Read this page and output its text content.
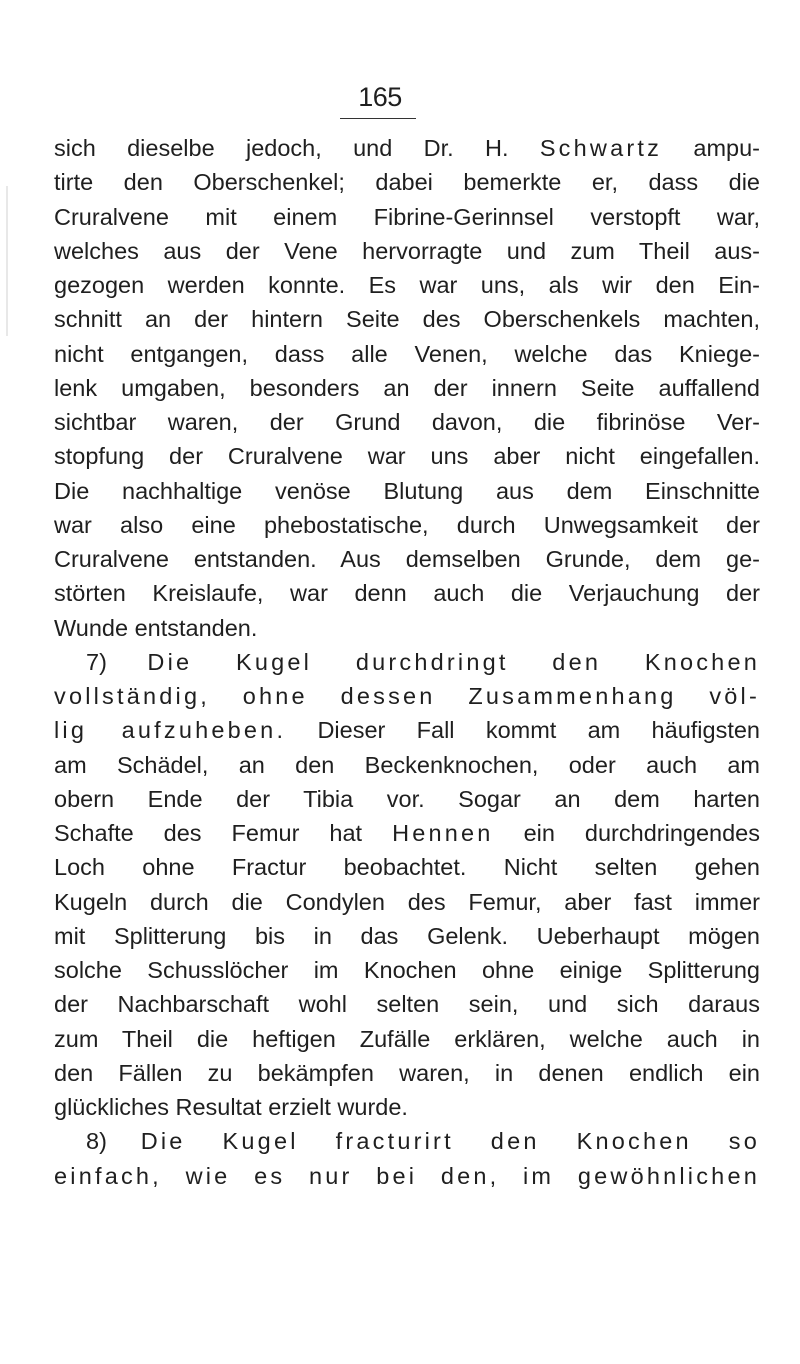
165
sich dieselbe jedoch, und Dr. H. Schwartz ampu-
tirte den Oberschenkel; dabei bemerkte er, dass die
Cruralvene mit einem Fibrine-Gerinnsel verstopft war,
welches aus der Vene hervorragte und zum Theil aus-
gezogen werden konnte. Es war uns, als wir den Ein-
schnitt an der hintern Seite des Oberschenkels machten,
nicht entgangen, dass alle Venen, welche das Kniege-
lenk umgaben, besonders an der innern Seite auffallend
sichtbar waren, der Grund davon, die fibrinöse Ver-
stopfung der Cruralvene war uns aber nicht eingefallen.
Die nachhaltige venöse Blutung aus dem Einschnitte
war also eine phebostatische, durch Unwegsamkeit der
Cruralvene entstanden. Aus demselben Grunde, dem ge-
störten Kreislaufe, war denn auch die Verjauchung der
Wunde entstanden.
7) Die Kugel durchdringt den Knochen
vollständig, ohne dessen Zusammenhang völ-
lig aufzuheben. Dieser Fall kommt am häufigsten
am Schädel, an den Beckenknochen, oder auch am
obern Ende der Tibia vor. Sogar an dem harten
Schafte des Femur hat Hennen ein durchdringendes
Loch ohne Fractur beobachtet. Nicht selten gehen
Kugeln durch die Condylen des Femur, aber fast immer
mit Splitterung bis in das Gelenk. Ueberhaupt mögen
solche Schusslöcher im Knochen ohne einige Splitterung
der Nachbarschaft wohl selten sein, und sich daraus
zum Theil die heftigen Zufälle erklären, welche auch in
den Fällen zu bekämpfen waren, in denen endlich ein
glückliches Resultat erzielt wurde.
8) Die Kugel fracturirt den Knochen so
einfach, wie es nur bei den, im gewöhnlichen
